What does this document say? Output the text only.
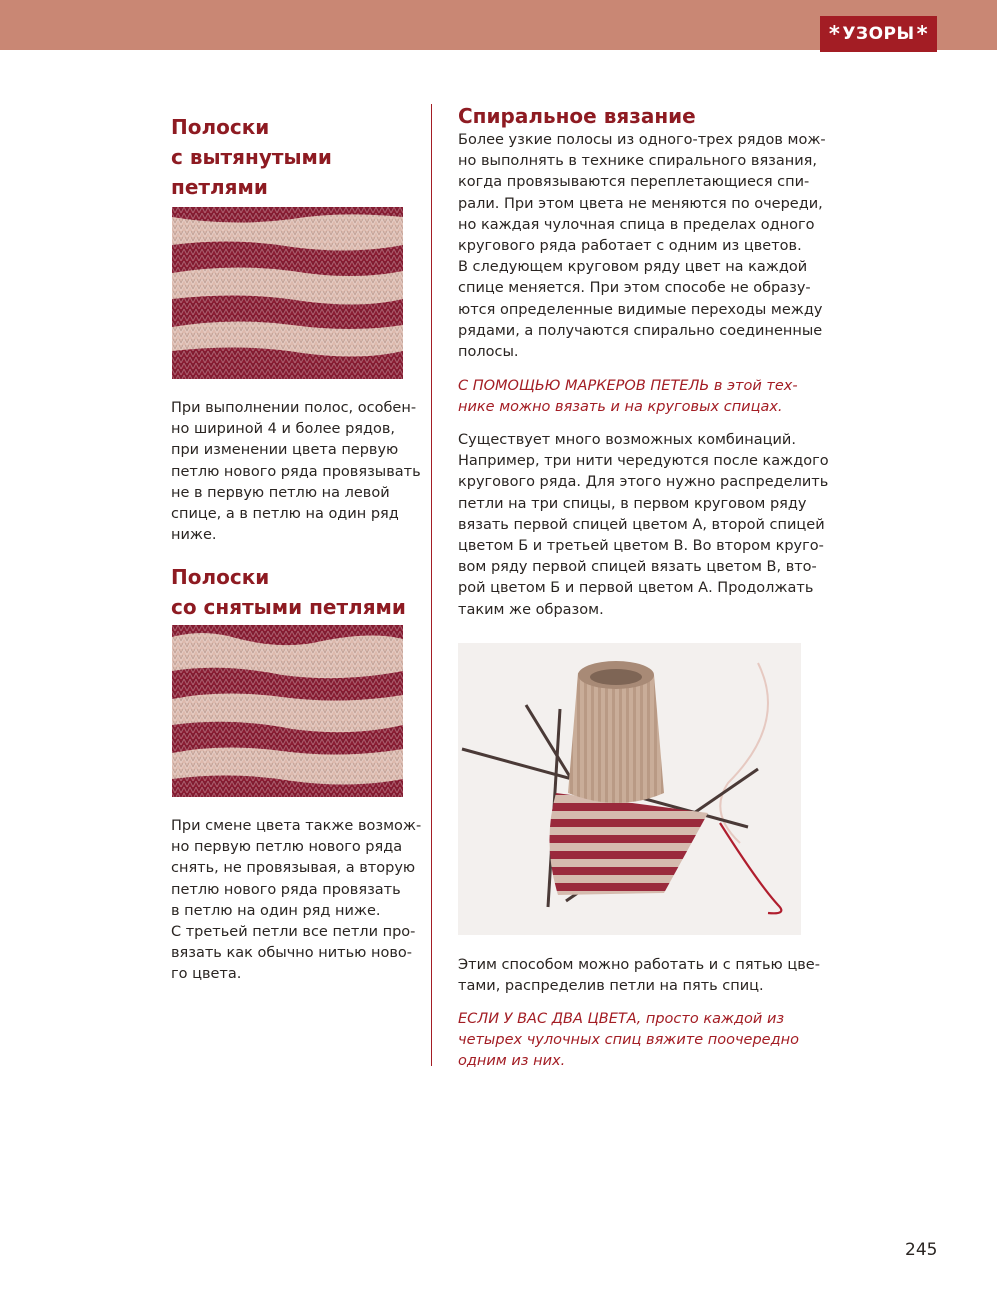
* УЗОРЫ *
Полоски
с вытянутыми
петлями

При выполнении полос, особен-
но шириной 4 и более рядов,
при изменении цвета первую
петлю нового ряда провязывать
не в первую петлю на левой
спице, а в петлю на один ряд
ниже.

Полоски
со снятыми петлями

При смене цвета также возмож-
но первую петлю нового ряда
снять, не провязывая, а вторую
петлю нового ряда провязать
в петлю на один ряд ниже.
С третьей петли все петли про-
вязать как обычно нитью ново-
го цвета.

Спиральное вязание

Более узкие полосы из одного-трех рядов мож-
но выполнять в технике спирального вязания,
когда провязываются переплетающиеся спи-
рали. При этом цвета не меняются по очереди,
но каждая чулочная спица в пределах одного
кругового ряда работает с одним из цветов.
В следующем круговом ряду цвет на каждой
спице меняется. При этом способе не образу-
ются определенные видимые переходы между
рядами, а получаются спирально соединенные
полосы.

С ПОМОЩЬЮ МАРКЕРОВ ПЕТЕЛЬ в этой тех-
нике можно вязать и на круговых спицах.

Существует много возможных комбинаций.
Например, три нити чередуются после каждого
кругового ряда. Для этого нужно распределить
петли на три спицы, в первом круговом ряду
вязать первой спицей цветом А, второй спицей
цветом Б и третьей цветом В. Во втором круго-
вом ряду первой спицей вязать цветом В, вто-
рой цветом Б и первой цветом А. Продолжать
таким же образом.

Этим способом можно работать и с пятью цве-
тами, распределив петли на пять спиц.

ЕСЛИ У ВАС ДВА ЦВЕТА, просто каждой из
четырех чулочных спиц вяжите поочередно
одним из них.

245
